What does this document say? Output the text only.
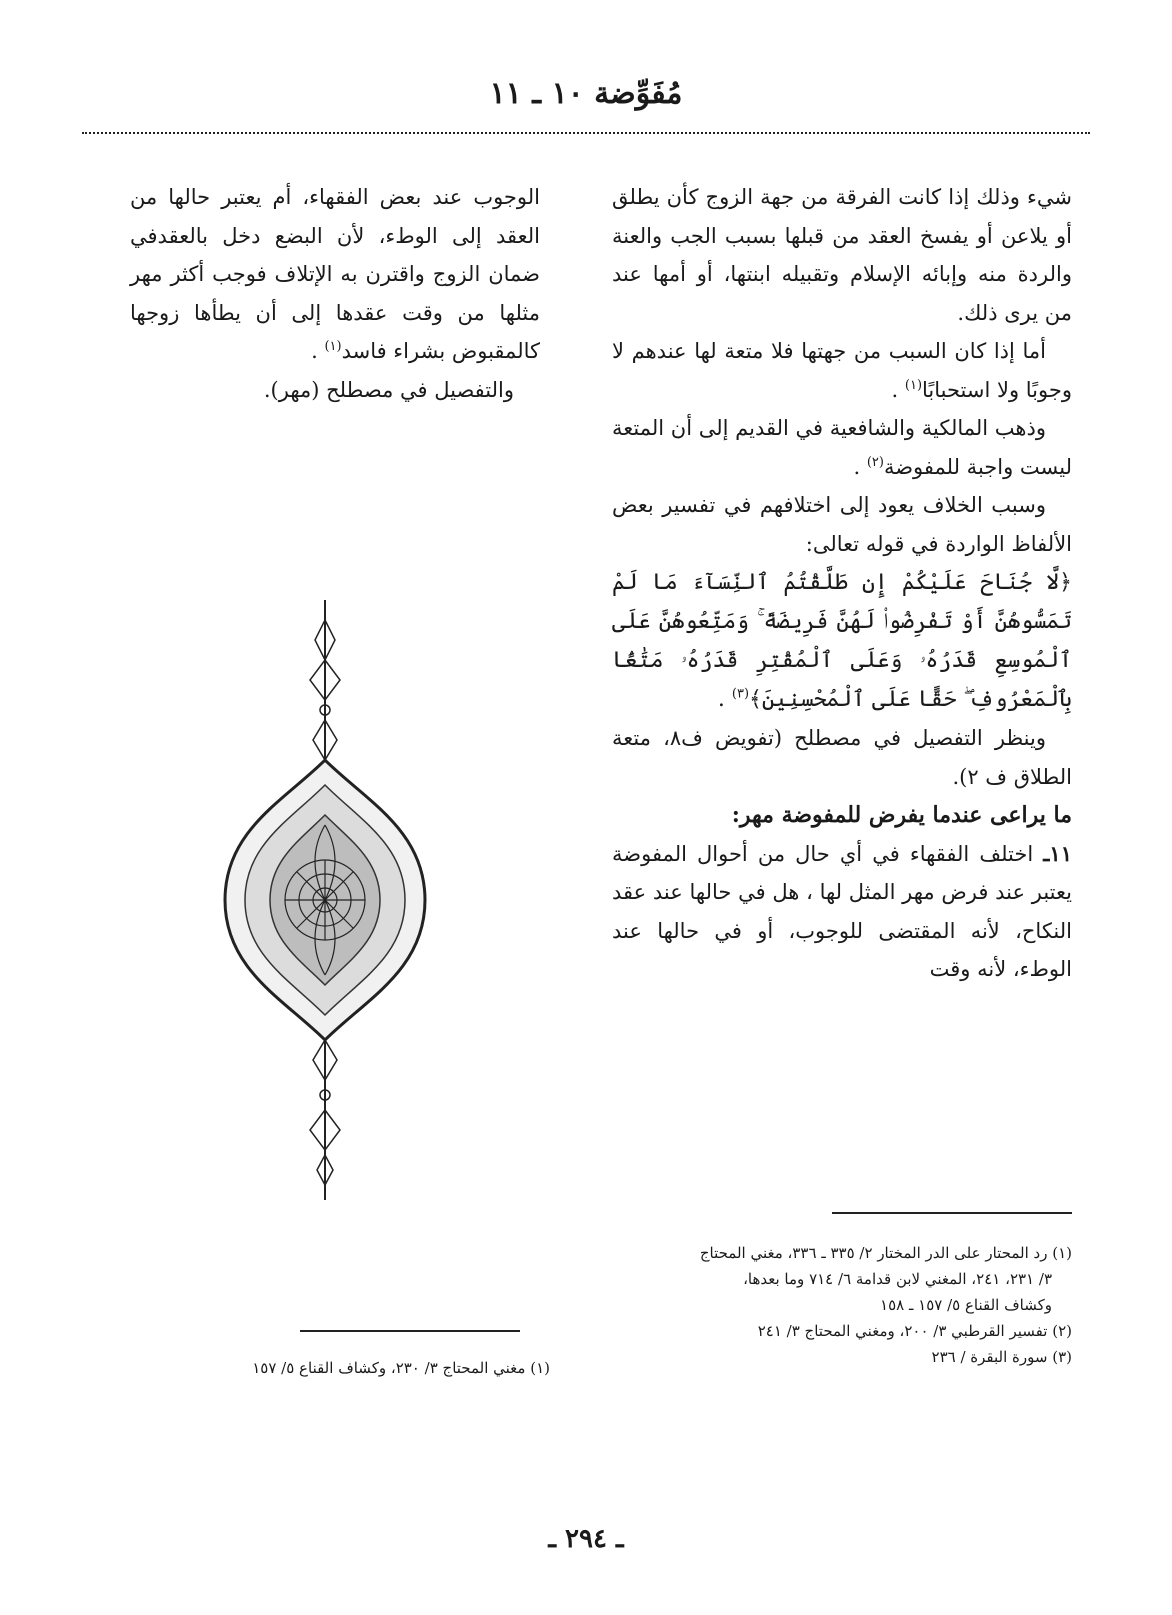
مُفَوِّضة ١٠ ـ ١١

شيء وذلك إذا كانت الفرقة من جهة الزوج كأن يطلق أو يلاعن أو يفسخ العقد من قبلها بسبب الجب والعنة والردة منه وإبائه الإسلام وتقبيله ابنتها، أو أمها عند من يرى ذلك.

أما إذا كان السبب من جهتها فلا متعة لها عندهم لا وجوبًا ولا استحبابًا$^{(١)}$ .

وذهب المالكية والشافعية في القديم إلى أن المتعة ليست واجبة للمفوضة$^{(٢)}$ .

وسبب الخلاف يعود إلى اختلافهم في تفسير بعض الألفاظ الواردة في قوله تعالى:

﴿لَّا جُنَاحَ عَلَيْكُمْ إِن طَلَّقْتُمُ ٱلنِّسَآءَ مَا لَمْ تَمَسُّوهُنَّ أَوْ تَفْرِضُوا۟ لَهُنَّ فَرِيضَةً ۚ وَمَتِّعُوهُنَّ عَلَى ٱلْمُوسِعِ قَدَرُهُۥ وَعَلَى ٱلْمُقْتِرِ قَدَرُهُۥ مَتَٰعًۢا بِٱلْمَعْرُوفِ ۖ حَقًّا عَلَى ٱلْمُحْسِنِينَ﴾$^{(٣)}$ .

وينظر التفصيل في مصطلح (تفويض ف٨، متعة الطلاق ف ٢).

ما يراعى عندما يفرض للمفوضة مهر:

١١ـ اختلف الفقهاء في أي حال من أحوال المفوضة يعتبر عند فرض مهر المثل لها ، هل في حالها عند عقد النكاح، لأنه المقتضى للوجوب، أو في حالها عند الوطء، لأنه وقت

الوجوب عند بعض الفقهاء، أم يعتبر حالها من العقد إلى الوطء، لأن البضع دخل بالعقدفي ضمان الزوج واقترن به الإتلاف فوجب أكثر مهر مثلها من وقت عقدها إلى أن يطأها زوجها كالمقبوض بشراء فاسد$^{(١)}$ .

والتفصيل في مصطلح (مهر).

(١) رد المحتار على الدر المختار ٢/ ٣٣٥ ـ ٣٣٦، مغني المحتاج

٣/ ٢٣١، ٢٤١، المغني لابن قدامة ٦/ ٧١٤ وما بعدها،

وكشاف القناع ٥/ ١٥٧ ـ ١٥٨

(٢) تفسير القرطبي ٣/ ٢٠٠، ومغني المحتاج ٣/ ٢٤١

(٣) سورة البقرة / ٢٣٦

(١) مغني المحتاج ٣/ ٢٣٠، وكشاف القناع ٥/ ١٥٧

ـ ٢٩٤ ـ
